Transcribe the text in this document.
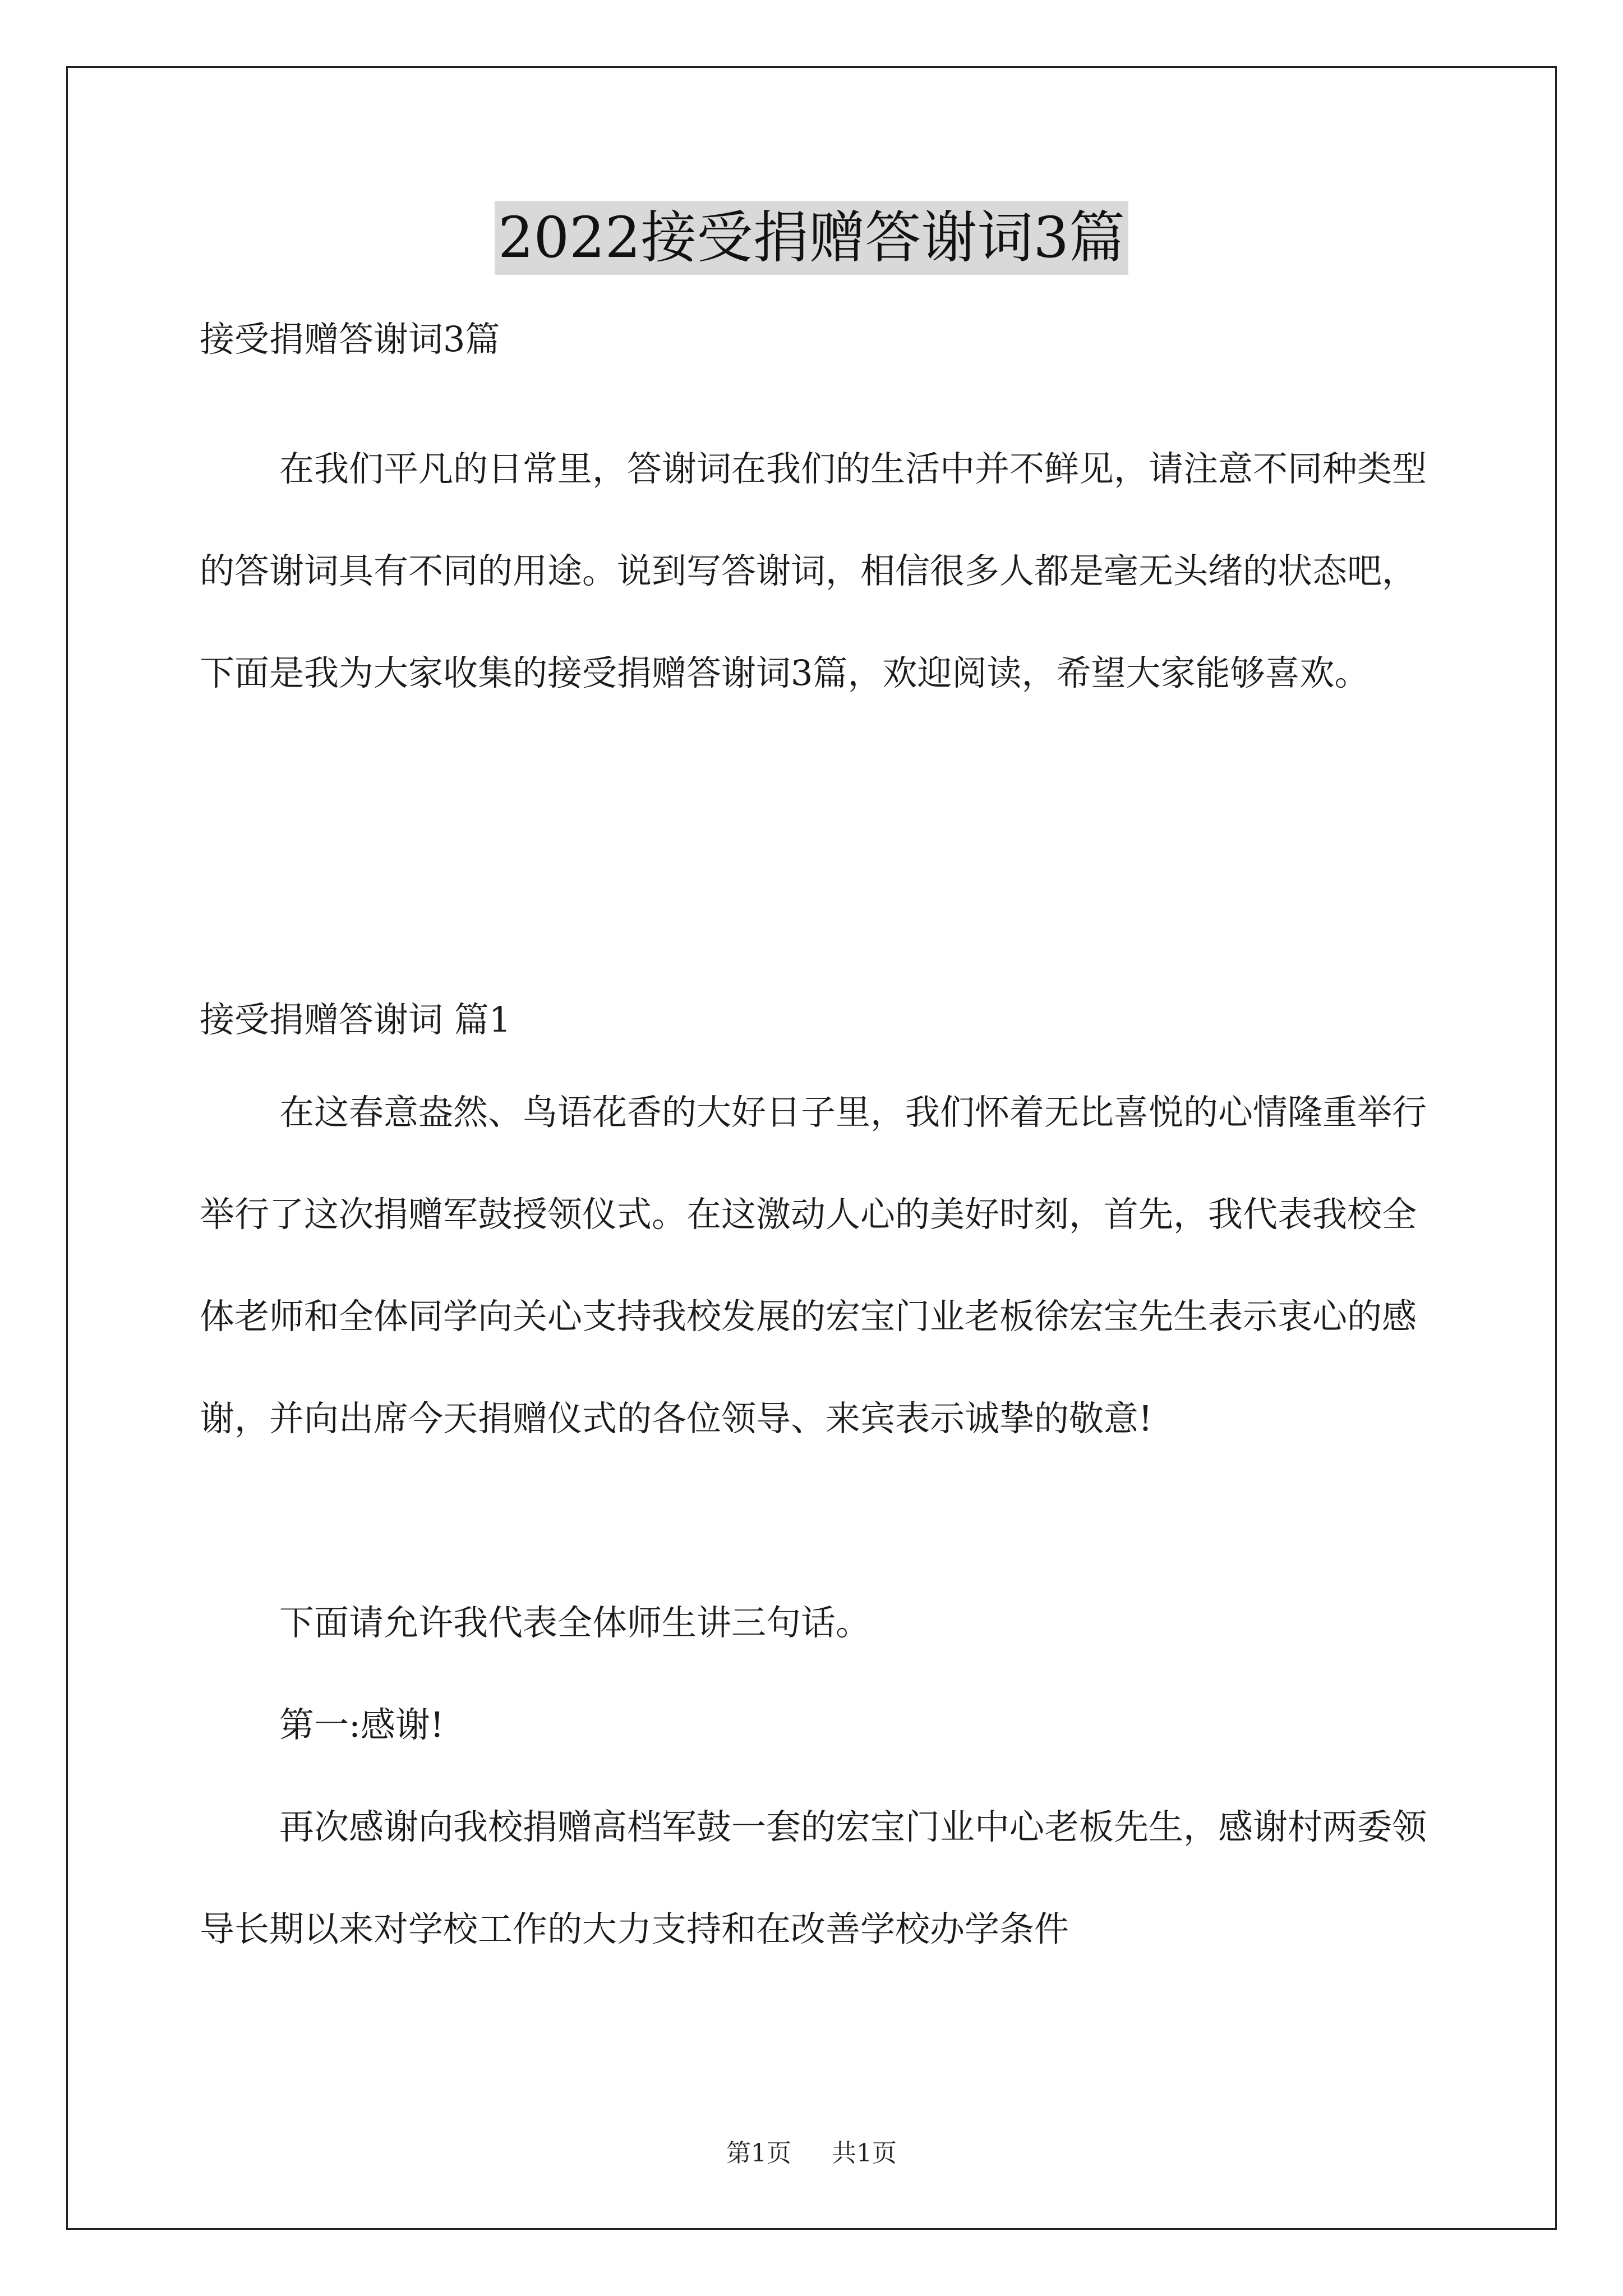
2022接受捐赠答谢词3篇
接受捐赠答谢词3篇
在我们平凡的日常里，答谢词在我们的生活中并不鲜见，请注意不同种类型的答谢词具有不同的用途。说到写答谢词，相信很多人都是毫无头绪的状态吧，下面是我为大家收集的接受捐赠答谢词3篇，欢迎阅读，希望大家能够喜欢。
接受捐赠答谢词 篇1
在这春意盎然、鸟语花香的大好日子里，我们怀着无比喜悦的心情隆重举行举行了这次捐赠军鼓授领仪式。在这激动人心的美好时刻，首先，我代表我校全体老师和全体同学向关心支持我校发展的宏宝门业老板徐宏宝先生表示衷心的感谢，并向出席今天捐赠仪式的各位领导、来宾表示诚挚的敬意!
下面请允许我代表全体师生讲三句话。
第一:感谢!
再次感谢向我校捐赠高档军鼓一套的宏宝门业中心老板先生，感谢村两委领导长期以来对学校工作的大力支持和在改善学校办学条件
第1页 共1页
